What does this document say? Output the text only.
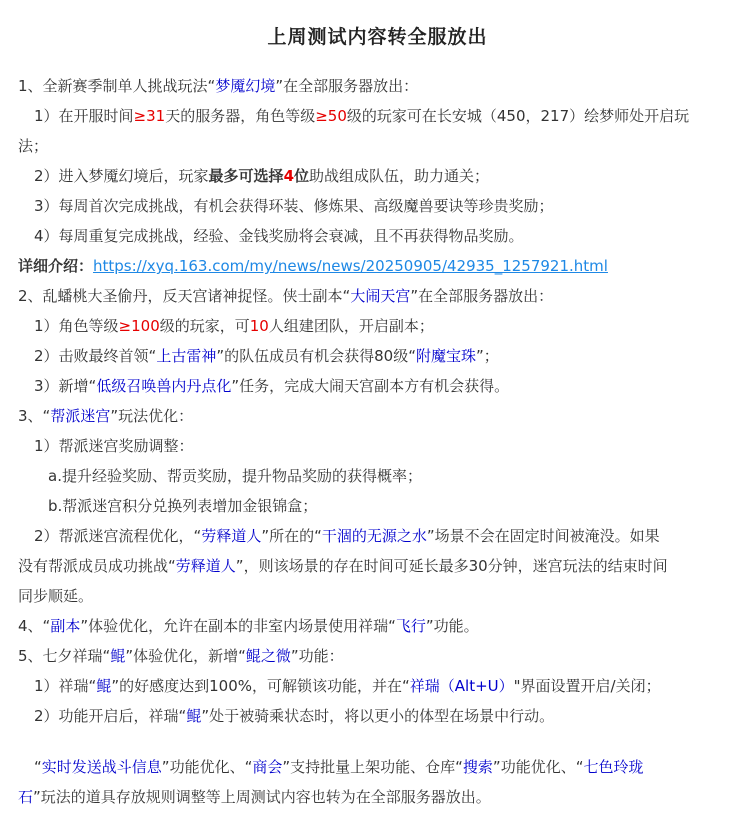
上周测试内容转全服放出
1、全新赛季制单人挑战玩法“梦魇幻境”在全部服务器放出：
1）在开服时间≥31天的服务器，角色等级≥50级的玩家可在长安城（450，217）绘梦师处开启玩
法；
2）进入梦魇幻境后，玩家最多可选择4位助战组成队伍，助力通关；
3）每周首次完成挑战，有机会获得环装、修炼果、高级魔兽要诀等珍贵奖励；
4）每周重复完成挑战，经验、金钱奖励将会衰减，且不再获得物品奖励。
详细介绍：https://xyq.163.com/my/news/news/20250905/42935_1257921.html
2、乱蟠桃大圣偷丹，反天宫诸神捉怪。侠士副本“大闹天宫”在全部服务器放出：
1）角色等级≥100级的玩家，可10人组建团队，开启副本；
2）击败最终首领“上古雷神”的队伍成员有机会获得80级“附魔宝珠”；
3）新增“低级召唤兽内丹点化”任务，完成大闹天宫副本方有机会获得。
3、“帮派迷宫”玩法优化：
1）帮派迷宫奖励调整：
a.提升经验奖励、帮贡奖励，提升物品奖励的获得概率；
b.帮派迷宫积分兑换列表增加金银锦盒；
2）帮派迷宫流程优化，“劳释道人”所在的“干涸的无源之水”场景不会在固定时间被淹没。如果
没有帮派成员成功挑战“劳释道人”，则该场景的存在时间可延长最多30分钟，迷宫玩法的结束时间
同步顺延。
4、“副本”体验优化，允许在副本的非室内场景使用祥瑞“飞行”功能。
5、七夕祥瑞“鲲”体验优化，新增“鲲之微”功能：
1）祥瑞“鲲”的好感度达到100%，可解锁该功能，并在“祥瑞（Alt+U）"界面设置开启/关闭；
2）功能开启后，祥瑞“鲲”处于被骑乘状态时，将以更小的体型在场景中行动。
“实时发送战斗信息”功能优化、“商会”支持批量上架功能、仓库“搜索”功能优化、“七色玲珑
石”玩法的道具存放规则调整等上周测试内容也转为在全部服务器放出。
